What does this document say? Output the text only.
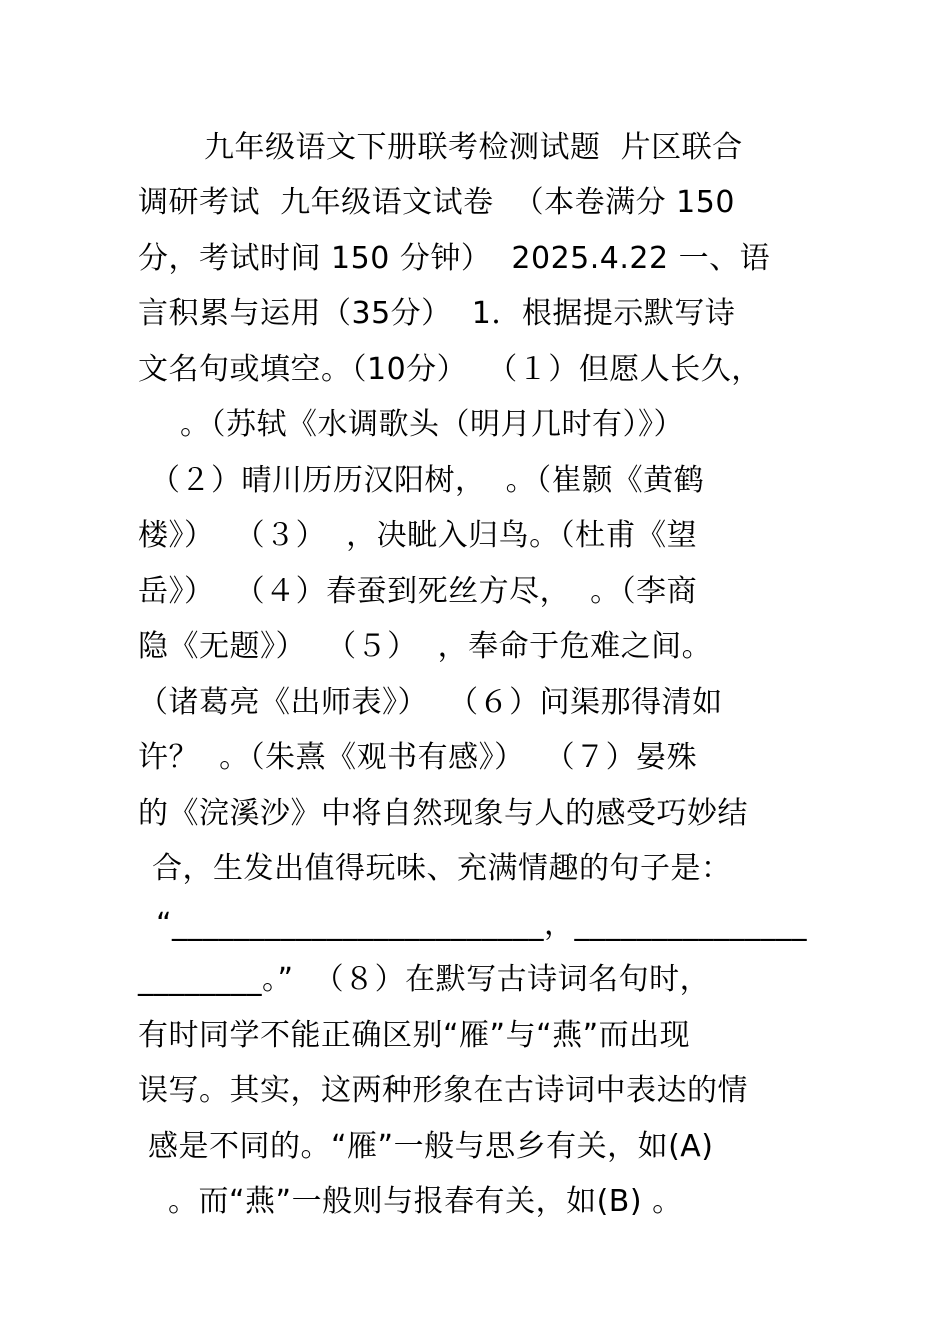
九年级语文下册联考检测试题  片区联合
调研考试  九年级语文试卷  （本卷满分 150
分，考试时间 150 分钟）  2025.4.22 一、语
言积累与运用（35分）  1．根据提示默写诗
文名句或填空。（10分）  （１）但愿人长久，
。（苏轼《水调歌头（明月几时有）》）
（２）晴川历历汉阳树，  。（崔颢《黄鹤
楼》）  （３）  ，决眦入归鸟。（杜甫《望
岳》）  （４）春蚕到死丝方尽，  。（李商
隐《无题》）  （５）  ，奉命于危难之间。
（诸葛亮《出师表》）  （６）问渠那得清如
许？  。（朱熹《观书有感》）  （７）晏殊
的《浣溪沙》中将自然现象与人的感受巧妙结
合，生发出值得玩味、充满情趣的句子是：
“________________________，_______________
________。”  （８）在默写古诗词名句时，
有时同学不能正确区别“雁”与“燕”而出现
误写。其实，这两种形象在古诗词中表达的情
感是不同的。“雁”一般与思乡有关，如(A)
。而“燕”一般则与报春有关，如(B) 。
